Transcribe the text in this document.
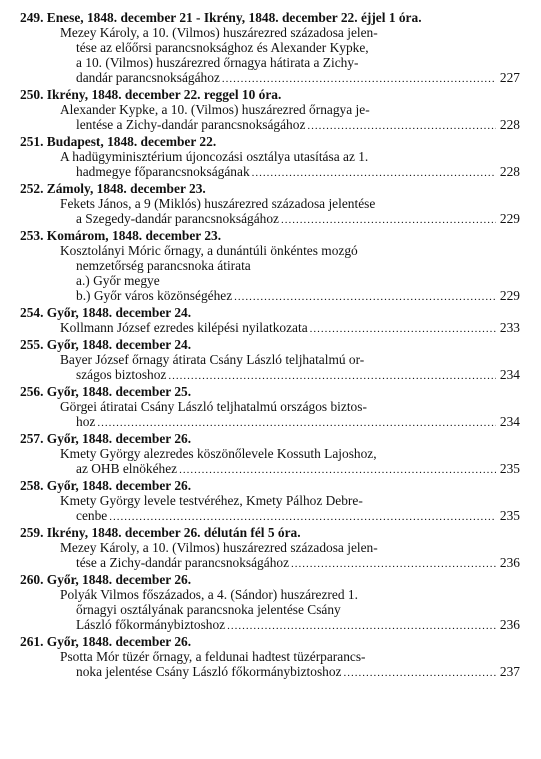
249. Enese, 1848. december 21 - Ikrény, 1848. december 22. éjjel 1 óra.
Mezey Károly, a 10. (Vilmos) huszárezred századosa jelen-
tése az előőrsi parancsnoksághoz és Alexander Kypke,
a 10. (Vilmos) huszárezred őrnagya hátirata a Zichy-
dandár parancsnokságához .....	227
250. Ikrény, 1848. december 22. reggel 10 óra.
Alexander Kypke, a 10. (Vilmos) huszárezred őrnagya je-
lentése a Zichy-dandár parancsnokságához .....	228
251. Budapest, 1848. december 22.
A hadügyminisztérium újoncozási osztálya utasítása az 1.
hadmegye főparancsnokságának .....	228
252. Zámoly, 1848. december 23.
Fekets János, a 9 (Miklós) huszárezred századosa jelentése
a Szegedy-dandár parancsnokságához .....	229
253. Komárom, 1848. december 23.
Kosztolányi Móric őrnagy, a dunántúli önkéntes mozgó
nemzetőrség parancsnoka átirata
a.) Győr megye
b.) Győr város közönségéhez .....	229
254. Győr, 1848. december 24.
Kollmann József ezredes kilépési nyilatkozata .....	233
255. Győr, 1848. december 24.
Bayer József őrnagy átirata Csány László teljhatalmú or-
szágos biztoshoz .....	234
256. Győr, 1848. december 25.
Görgei átiratai Csány László teljhatalmú országos biztos-
hoz .....	234
257. Győr, 1848. december 26.
Kmety György alezredes köszönőlevele Kossuth Lajoshoz,
az OHB elnökéhez .....	235
258. Győr, 1848. december 26.
Kmety György levele testvéréhez, Kmety Pálhoz Debre-
cenbe .....	235
259. Ikrény, 1848. december 26. délután fél 5 óra.
Mezey Károly, a 10. (Vilmos) huszárezred századosa jelen-
tése a Zichy-dandár parancsnokságához .....	236
260. Győr, 1848. december 26.
Polyák Vilmos főszázados, a 4. (Sándor) huszárezred 1.
őrnagyi osztályának parancsnoka jelentése Csány
László főkormánybiztoshoz .....	236
261. Győr, 1848. december 26.
Psotta Mór tüzér őrnagy, a feldunai hadtest tüzérparancs-
noka jelentése Csány László főkormánybiztoshoz .....	237
